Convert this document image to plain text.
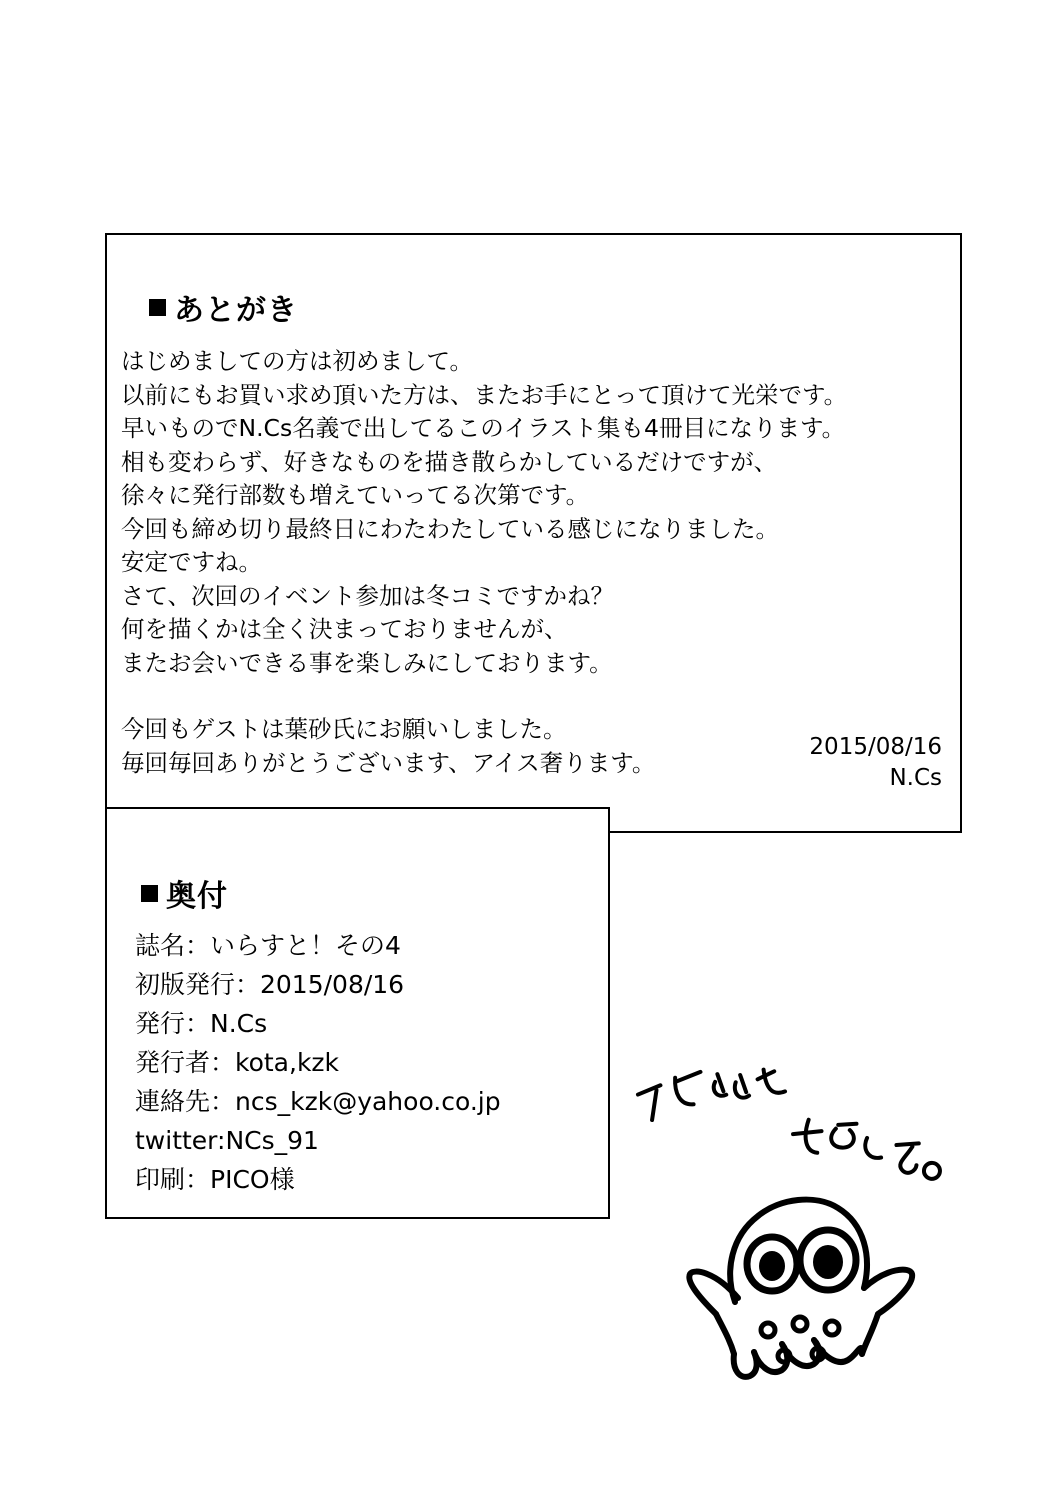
あとがき

はじめましての方は初めまして。

以前にもお買い求め頂いた方は、またお手にとって頂けて光栄です。

早いものでN.Cs名義で出してるこのイラスト集も4冊目になります。

相も変わらず、好きなものを描き散らかしているだけですが、

徐々に発行部数も増えていってる次第です。

今回も締め切り最終日にわたわたしている感じになりました。

安定ですね。

さて、次回のイベント参加は冬コミですかね？

何を描くかは全く決まっておりませんが、

またお会いできる事を楽しみにしております。

今回もゲストは葉砂氏にお願いしました。

毎回毎回ありがとうございます、アイス奢ります。

2015/08/16
N.Cs
奥付
誌名：いらすと！その4
初版発行：2015/08/16
発行：N.Cs
発行者：kota,kzk
連絡先：ncs_kzk@yahoo.co.jp
twitter:NCs_91
印刷：PICO様
